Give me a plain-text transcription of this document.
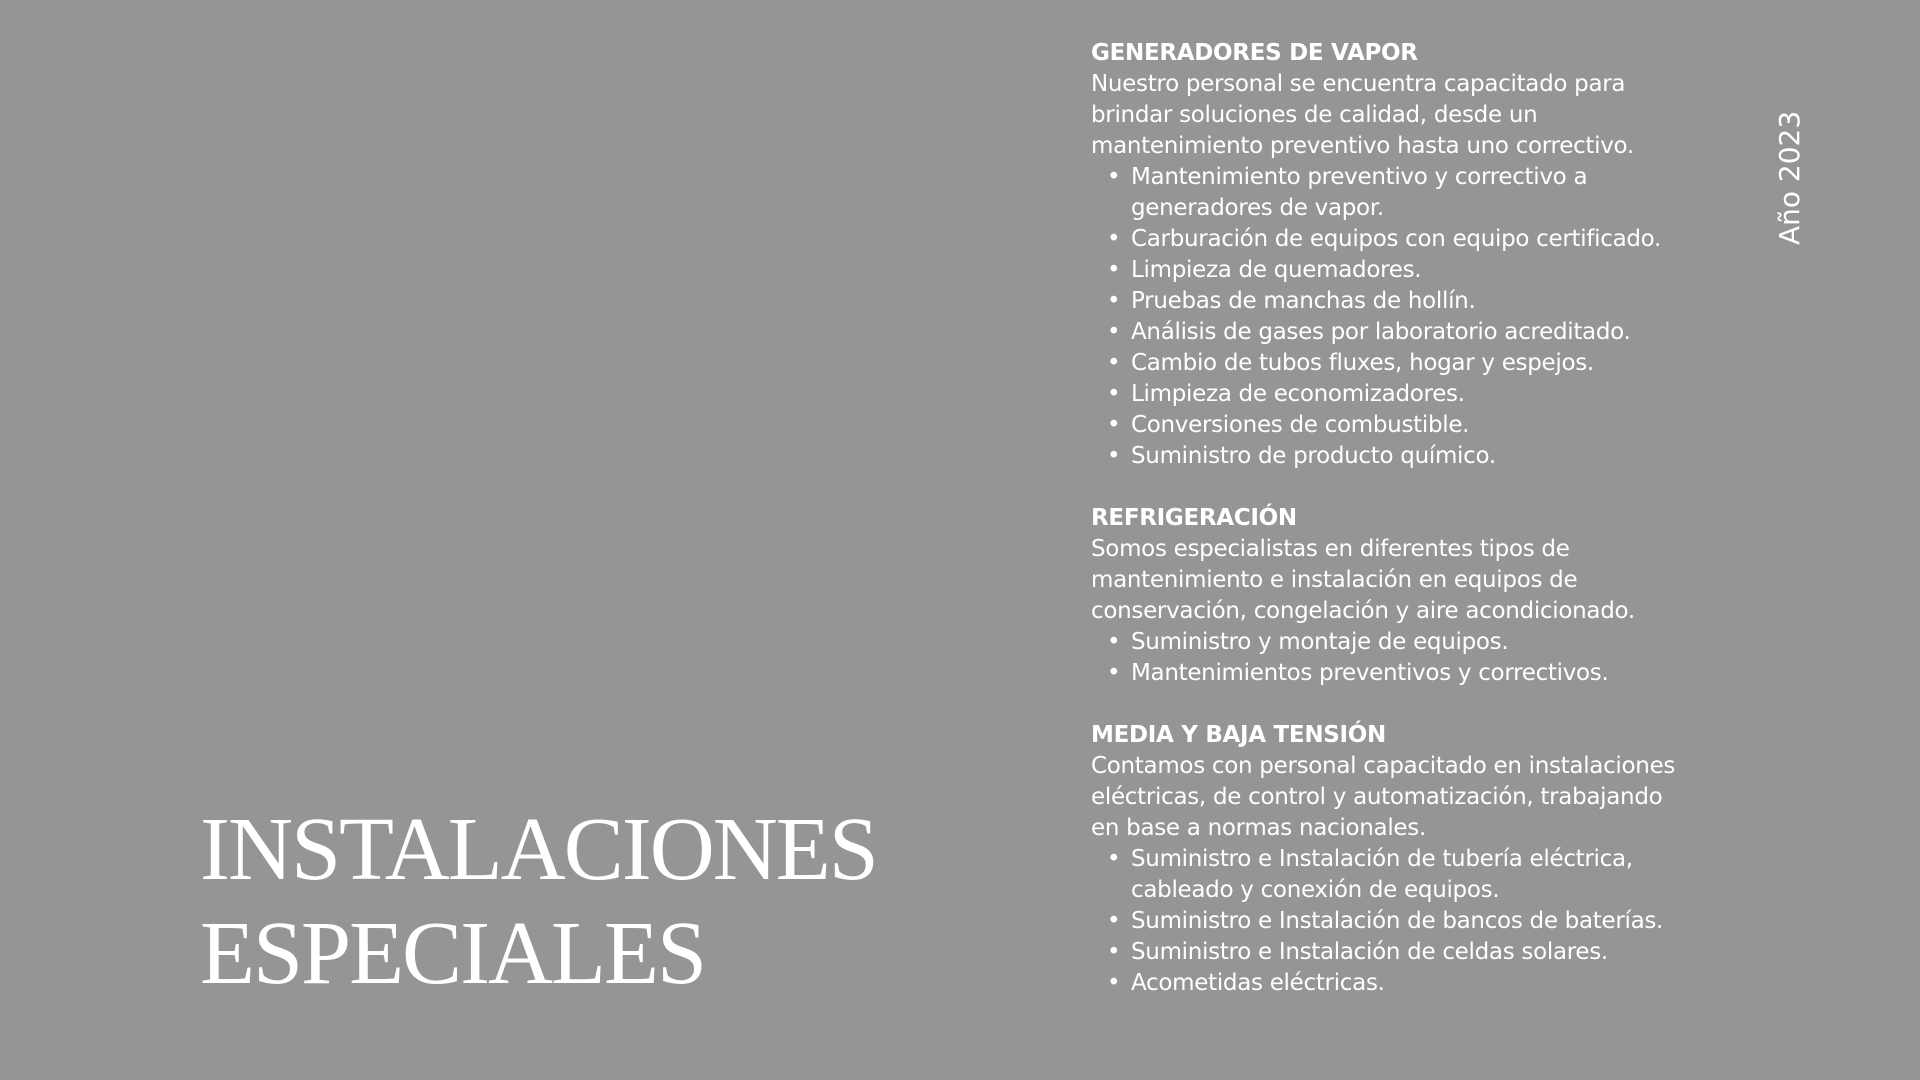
INSTALACIONES
ESPECIALES
Año 2023

GENERADORES DE VAPOR

Nuestro personal se encuentra capacitado para brindar soluciones de calidad, desde un mantenimiento preventivo hasta uno correctivo.

• Mantenimiento preventivo y correctivo a generadores de vapor.
• Carburación de equipos con equipo certificado.
• Limpieza de quemadores.
• Pruebas de manchas de hollín.
• Análisis de gases por laboratorio acreditado.
• Cambio de tubos fluxes, hogar y espejos.
• Limpieza de economizadores.
• Conversiones de combustible.
• Suministro de producto químico.

REFRIGERACIÓN

Somos especialistas en diferentes tipos de mantenimiento e instalación en equipos de conservación, congelación y aire acondicionado.

• Suministro y montaje de equipos.
• Mantenimientos preventivos y correctivos.

MEDIA Y BAJA TENSIÓN

Contamos con personal capacitado en instalaciones eléctricas, de control y automatización, trabajando en base a normas nacionales.

• Suministro e Instalación de tubería eléctrica, cableado y conexión de equipos.
• Suministro e Instalación de bancos de baterías.
• Suministro e Instalación de celdas solares.
• Acometidas eléctricas.
